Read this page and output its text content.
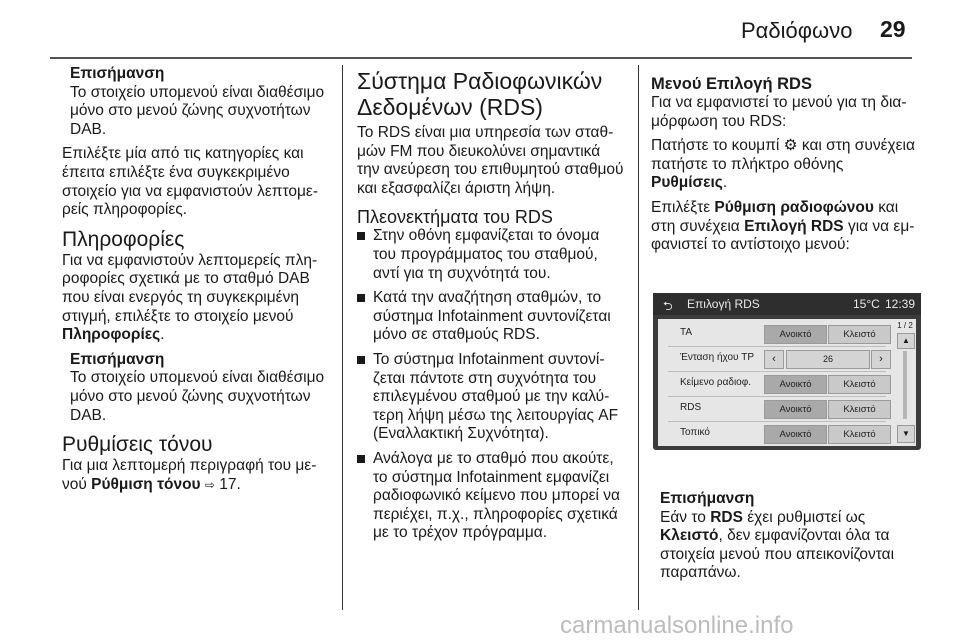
Ραδιόφωνο 29
Επισήμανση
Το στοιχείο υπομενού είναι διαθέσιμο μόνο στο μενού ζώνης συχνοτήτων DAB.

Επιλέξτε μία από τις κατηγορίες και έπειτα επιλέξτε ένα συγκεκριμένο στοιχείο για να εμφανιστούν λεπτομερείς πληροφορίες.

Πληροφορίες

Για να εμφανιστούν λεπτομερείς πληροφορίες σχετικά με το σταθμό DAB που είναι ενεργός τη συγκεκριμένη στιγμή, επιλέξτε το στοιχείο μενού Πληροφορίες.

Επισήμανση
Το στοιχείο υπομενού είναι διαθέσιμο μόνο στο μενού ζώνης συχνοτήτων DAB.
Ρυθμίσεις τόνου

Για μια λεπτομερή περιγραφή του μενού Ρύθμιση τόνου ⇨ 17.

Σύστημα Ραδιοφωνικών Δεδομένων (RDS)

Το RDS είναι μια υπηρεσία των σταθμών FM που διευκολύνει σημαντικά την ανεύρεση του επιθυμητού σταθμού και εξασφαλίζει άριστη λήψη.

Πλεονεκτήματα του RDS
Στην οθόνη εμφανίζεται το όνομα του προγράμματος του σταθμού, αντί για τη συχνότητά του.
Κατά την αναζήτηση σταθμών, το σύστημα Infotainment συντονίζεται μόνο σε σταθμούς RDS.
Το σύστημα Infotainment συντονίζεται πάντοτε στη συχνότητα του επιλεγμένου σταθμού με την καλύτερη λήψη μέσω της λειτουργίας AF (Εναλλακτική Συχνότητα).
Ανάλογα με το σταθμό που ακούτε, το σύστημα Infotainment εμφανίζει ραδιοφωνικό κείμενο που μπορεί να περιέχει, π.χ., πληροφορίες σχετικά με το τρέχον πρόγραμμα.
Μενού Επιλογή RDS

Για να εμφανιστεί το μενού για τη διαμόρφωση του RDS:

Πατήστε το κουμπί ⚙ και στη συνέχεια πατήστε το πλήκτρο οθόνης Ρυθμίσεις.

Επιλέξτε Ρύθμιση ραδιοφώνου και στη συνέχεια Επιλογή RDS για να εμφανιστεί το αντίστοιχο μενού:

⮌ Επιλογή RDS	15°C 12:39
TA	Ανοικτό	Κλειστό
Ένταση ήχου TP	‹	26	›
Κείμενο ραδιοφ.	Ανοικτό	Κλειστό
RDS	Ανοικτό	Κλειστό
Τοπικό	Ανοικτό	Κλειστό
1 / 2
▲
▼
Επισήμανση
Εάν το RDS έχει ρυθμιστεί ως Κλειστό, δεν εμφανίζονται όλα τα στοιχεία μενού που απεικονίζονται παραπάνω.
carmanualsonline.info
